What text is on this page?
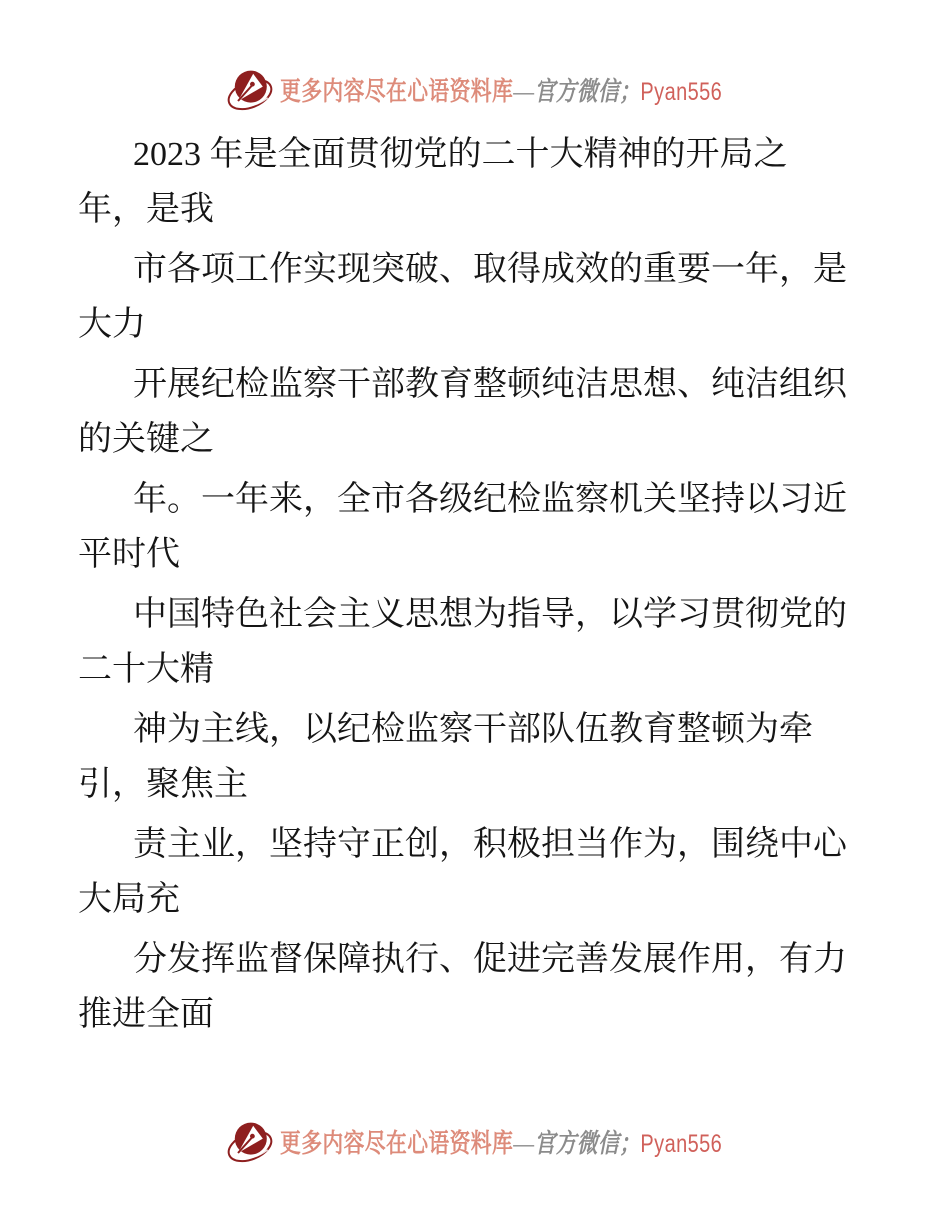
更多内容尽在心语资料库—官方微信；Pyan556

2023 年是全面贯彻党的二十大精神的开局之
年，是我

市各项工作实现突破、取得成效的重要一年，是
大力

开展纪检监察干部教育整顿纯洁思想、纯洁组织
的关键之

年。一年来，全市各级纪检监察机关坚持以习近
平时代

中国特色社会主义思想为指导，以学习贯彻党的
二十大精

神为主线，以纪检监察干部队伍教育整顿为牵
引，聚焦主

责主业，坚持守正创，积极担当作为，围绕中心
大局充

分发挥监督保障执行、促进完善发展作用，有力
推进全面

更多内容尽在心语资料库—官方微信；Pyan556
